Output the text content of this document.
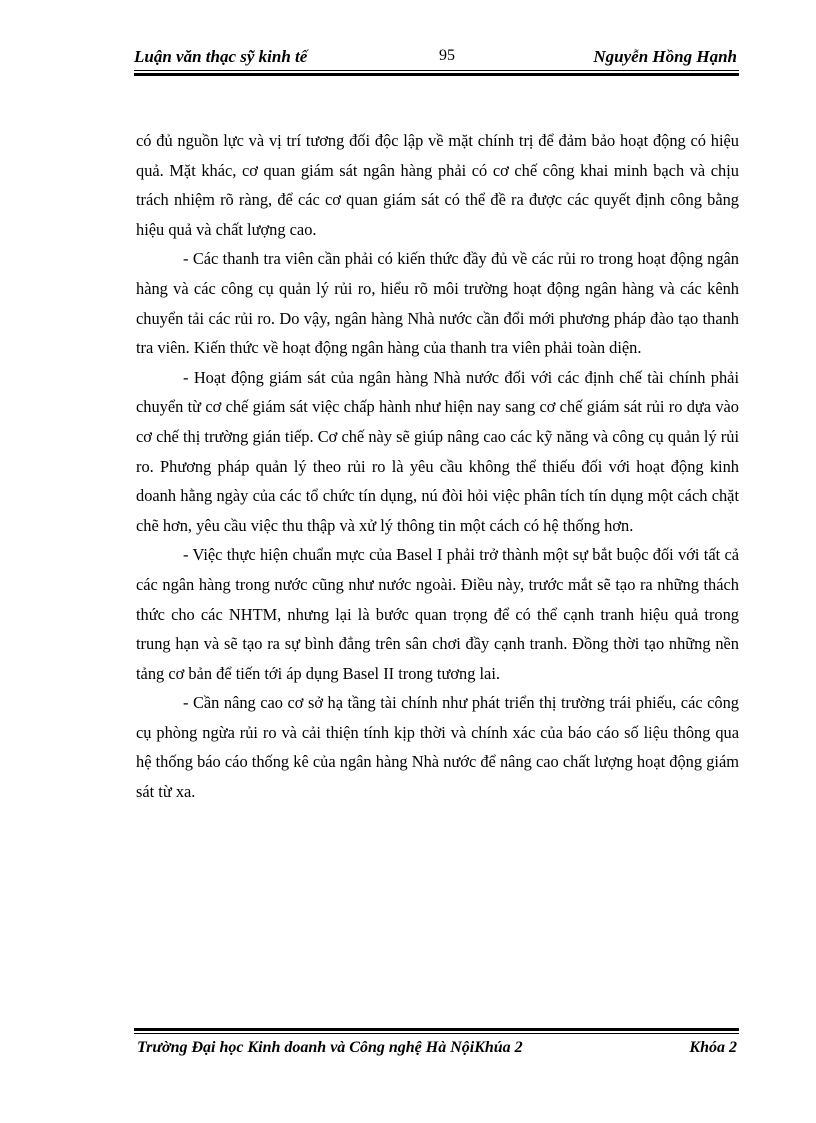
Luận văn thạc sỹ kinh tế	95	Nguyễn Hồng Hạnh

có đủ nguồn lực và vị trí tương đối độc lập về mặt chính trị để đảm bảo hoạt động có hiệu quả. Mặt khác, cơ quan giám sát ngân hàng phải có cơ chế công khai minh bạch và chịu trách nhiệm rõ ràng, để các cơ quan giám sát có thể đề ra được các quyết định công bằng hiệu quả và chất lượng cao.

- Các thanh tra viên cần phải có kiến thức đầy đủ về các rủi ro trong hoạt động ngân hàng và các công cụ quản lý rủi ro, hiểu rõ môi trường hoạt động ngân hàng và các kênh chuyển tải các rủi ro. Do vậy, ngân hàng Nhà nước cần đổi mới phương pháp đào tạo thanh tra viên. Kiến thức về hoạt động ngân hàng của thanh tra viên phải toàn diện.

- Hoạt động giám sát của ngân hàng Nhà nước đối với các định chế tài chính phải chuyển từ cơ chế giám sát việc chấp hành như hiện nay sang cơ chế giám sát rủi ro dựa vào cơ chế thị trường gián tiếp. Cơ chế này sẽ giúp nâng cao các kỹ năng và công cụ quản lý rủi ro. Phương pháp quản lý theo rủi ro là yêu cầu không thể thiếu đối với hoạt động kinh doanh hằng ngày của các tổ chức tín dụng, nú đòi hỏi việc phân tích tín dụng một cách chặt chẽ hơn, yêu cầu việc thu thập và xử lý thông tin một cách có hệ thống hơn.

- Việc thực hiện chuẩn mực của Basel I phải trở thành một sự bắt buộc đối với tất cả các ngân hàng trong nước cũng như nước ngoài. Điều này, trước mắt sẽ tạo ra những thách thức cho các NHTM, nhưng lại là bước quan trọng để có thể cạnh tranh hiệu quả trong trung hạn và sẽ tạo ra sự bình đẳng trên sân chơi đầy cạnh tranh. Đồng thời tạo những nền tảng cơ bản để tiến tới áp dụng Basel II trong tương lai.

- Cần nâng cao cơ sở hạ tầng tài chính như phát triển thị trường trái phiếu, các công cụ phòng ngừa rủi ro và cải thiện tính kịp thời và chính xác của báo cáo số liệu thông qua hệ thống báo cáo thống kê của ngân hàng Nhà nước để nâng cao chất lượng hoạt động giám sát từ xa.

Trường Đại học Kinh doanh và Công nghệ Hà NộiKhúa 2	Khóa 2
